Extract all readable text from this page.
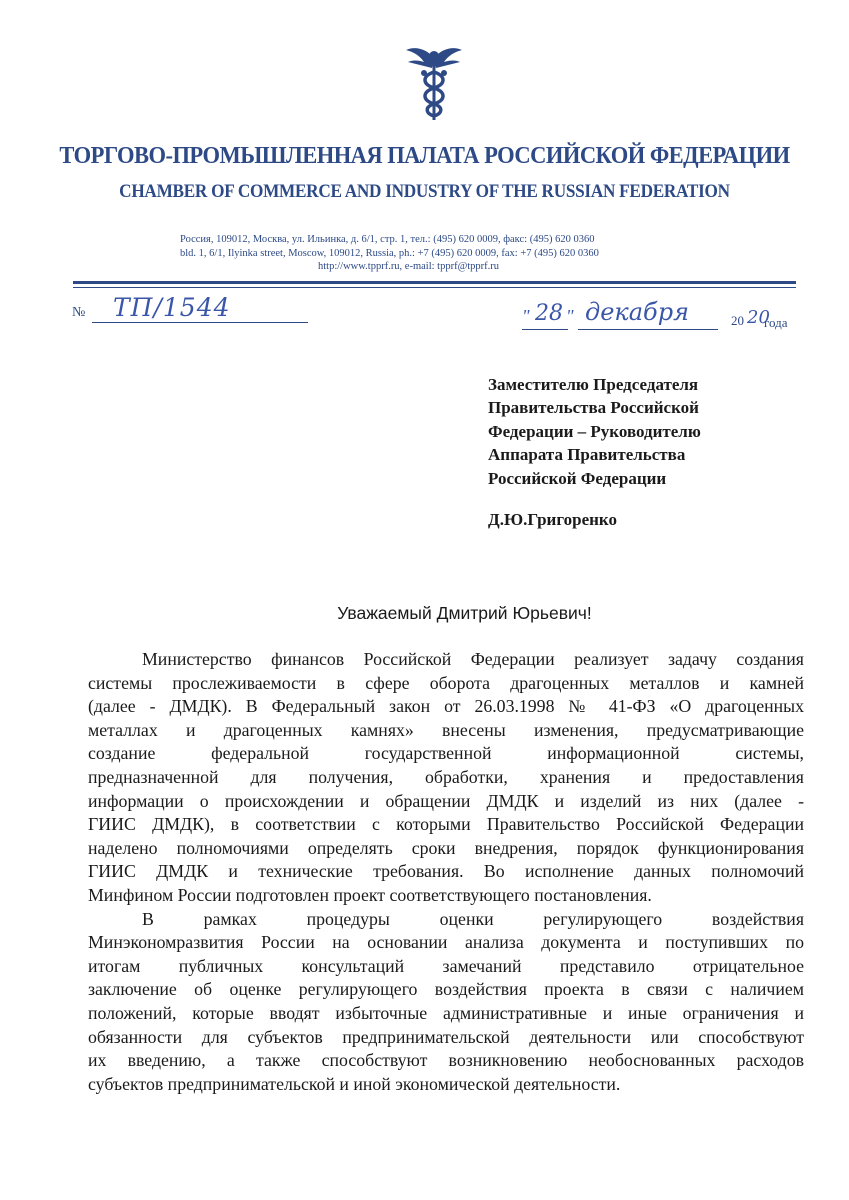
ТОРГОВО-ПРОМЫШЛЕННАЯ ПАЛАТА РОССИЙСКОЙ ФЕДЕРАЦИИ
CHAMBER OF COMMERCE AND INDUSTRY OF THE RUSSIAN FEDERATION
Россия, 109012, Москва, ул. Ильинка, д. 6/1, стр. 1, тел.: (495) 620 0009, факс: (495) 620 0360
bld. 1, 6/1, Ilyinka street, Moscow, 109012, Russia, ph.: +7 (495) 620 0009, fax: +7 (495) 620 0360
http://www.tpprf.ru, e-mail: tpprf@tpprf.ru
№ ТП/1544	" 28 " декабря	20 20
года
Заместителю Председателя
Правительства Российской
Федерации – Руководителю
Аппарата Правительства
Российской Федерации
Д.Ю.Григоренко
Уважаемый Дмитрий Юрьевич!
Министерство финансов Российской Федерации реализует задачу создания
системы прослеживаемости в сфере оборота драгоценных металлов и камней
(далее - ДМДК). В Федеральный закон от 26.03.1998 № 41-ФЗ «О драгоценных
металлах и драгоценных камнях» внесены изменения, предусматривающие
создание федеральной государственной информационной системы,
предназначенной для получения, обработки, хранения и предоставления
информации о происхождении и обращении ДМДК и изделий из них (далее -
ГИИС ДМДК), в соответствии с которыми Правительство Российской Федерации
наделено полномочиями определять сроки внедрения, порядок функционирования
ГИИС ДМДК и технические требования. Во исполнение данных полномочий
Минфином России подготовлен проект соответствующего постановления.
В рамках процедуры оценки регулирующего воздействия
Минэкономразвития России на основании анализа документа и поступивших по
итогам публичных консультаций замечаний представило отрицательное
заключение об оценке регулирующего воздействия проекта в связи с наличием
положений, которые вводят избыточные административные и иные ограничения и
обязанности для субъектов предпринимательской деятельности или способствуют
их введению, а также способствуют возникновению необоснованных расходов
субъектов предпринимательской и иной экономической деятельности.
